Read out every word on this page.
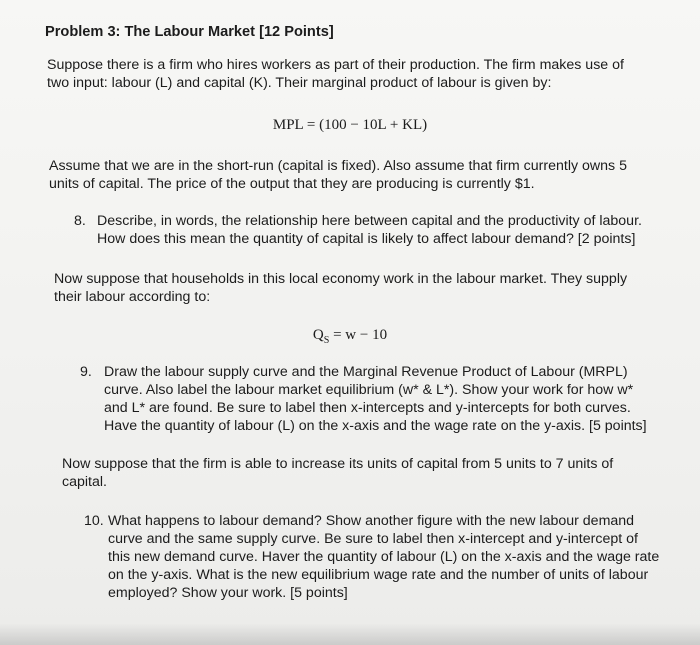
Problem 3: The Labour Market [12 Points]
Suppose there is a firm who hires workers as part of their production. The firm makes use of
two input: labour (L) and capital (K). Their marginal product of labour is given by:
MPL = (100 − 10L + KL)
Assume that we are in the short-run (capital is fixed). Also assume that firm currently owns 5
units of capital. The price of the output that they are producing is currently $1.
8. Describe, in words, the relationship here between capital and the productivity of labour.
How does this mean the quantity of capital is likely to affect labour demand? [2 points]
Now suppose that households in this local economy work in the labour market. They supply
their labour according to:
$Q_S = w - 10$
9. Draw the labour supply curve and the Marginal Revenue Product of Labour (MRPL)
curve. Also label the labour market equilibrium (w* & L*). Show your work for how w*
and L* are found. Be sure to label then x-intercepts and y-intercepts for both curves.
Have the quantity of labour (L) on the x-axis and the wage rate on the y-axis. [5 points]
Now suppose that the firm is able to increase its units of capital from 5 units to 7 units of
capital.
10. What happens to labour demand? Show another figure with the new labour demand
curve and the same supply curve. Be sure to label then x-intercept and y-intercept of
this new demand curve. Haver the quantity of labour (L) on the x-axis and the wage rate
on the y-axis. What is the new equilibrium wage rate and the number of units of labour
employed? Show your work. [5 points]
